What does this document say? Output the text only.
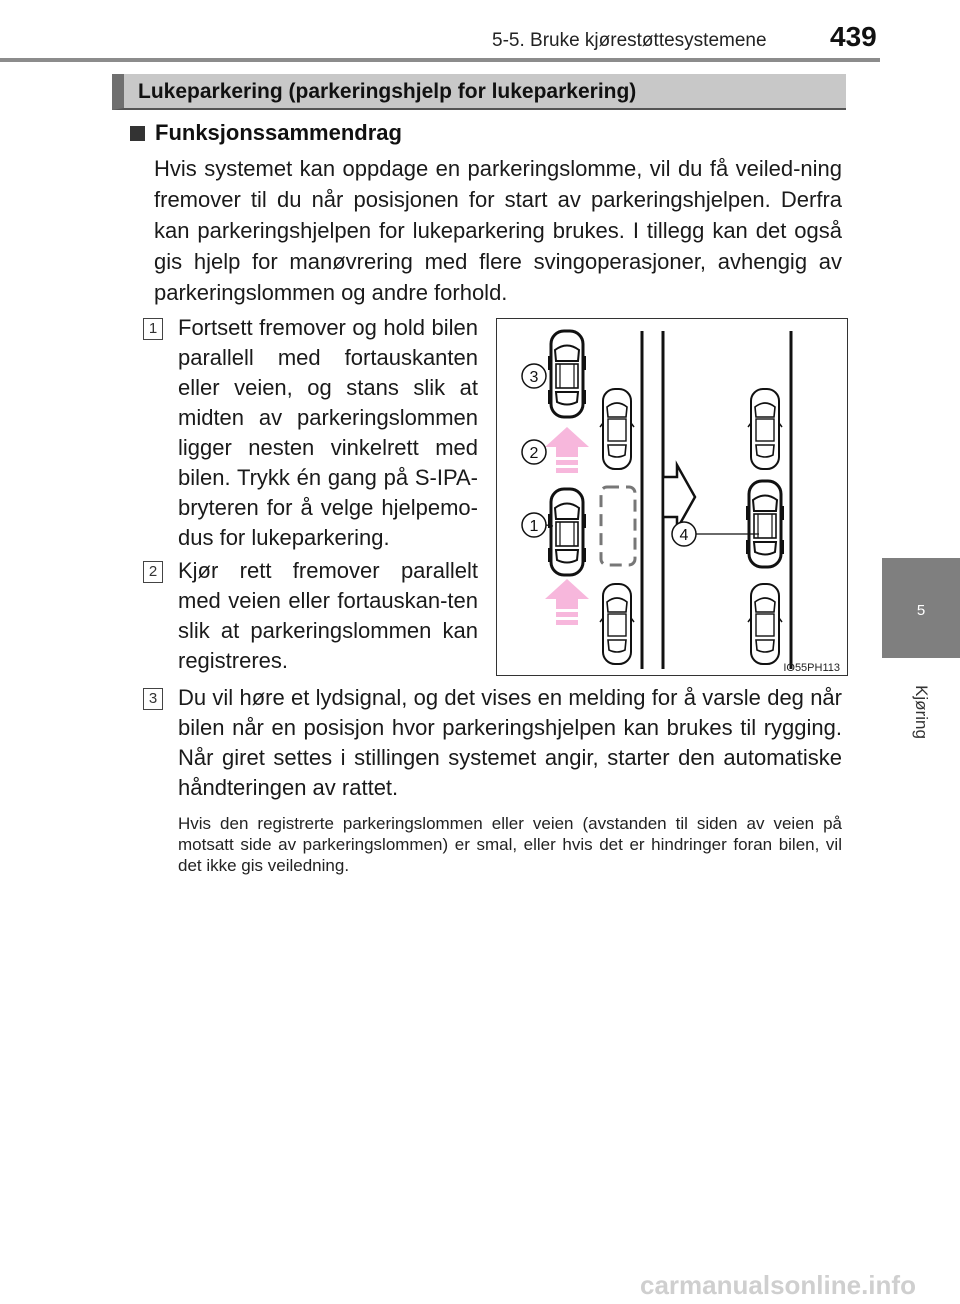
5-5. Bruke kjørestøttesystemene 439
5
Kjøring
Lukeparkering (parkeringshjelp for lukeparkering)
Funksjonssammendrag

Hvis systemet kan oppdage en parkeringslomme, vil du få veiled-ning fremover til du når posisjonen for start av parkeringshjelpen. Derfra kan parkeringshjelpen for lukeparkering brukes. I tillegg kan det også gis hjelp for manøvrering med flere svingoperasjoner, avhengig av parkeringslommen og andre forhold.

1 Fortsett fremover og hold bilen parallell med fortauskanten eller veien, og stans slik at midten av parkeringslommen ligger nesten vinkelrett med bilen. Trykk én gang på S-IPA-bryteren for å velge hjelpemo-dus for lukeparkering.

2 Kjør rett fremover parallelt med veien eller fortauskan-ten slik at parkeringslommen kan registreres.

3 Du vil høre et lydsignal, og det vises en melding for å varsle deg når bilen når en posisjon hvor parkeringshjelpen kan brukes til rygging. Når giret settes i stillingen systemet angir, starter den automatiske håndteringen av rattet.

Hvis den registrerte parkeringslommen eller veien (avstanden til siden av veien på motsatt side av parkeringslommen) er smal, eller hvis det er hindringer foran bilen, vil det ikke gis veiledning.

3
2
1
4
IO55PH113
carmanualsonline.info
